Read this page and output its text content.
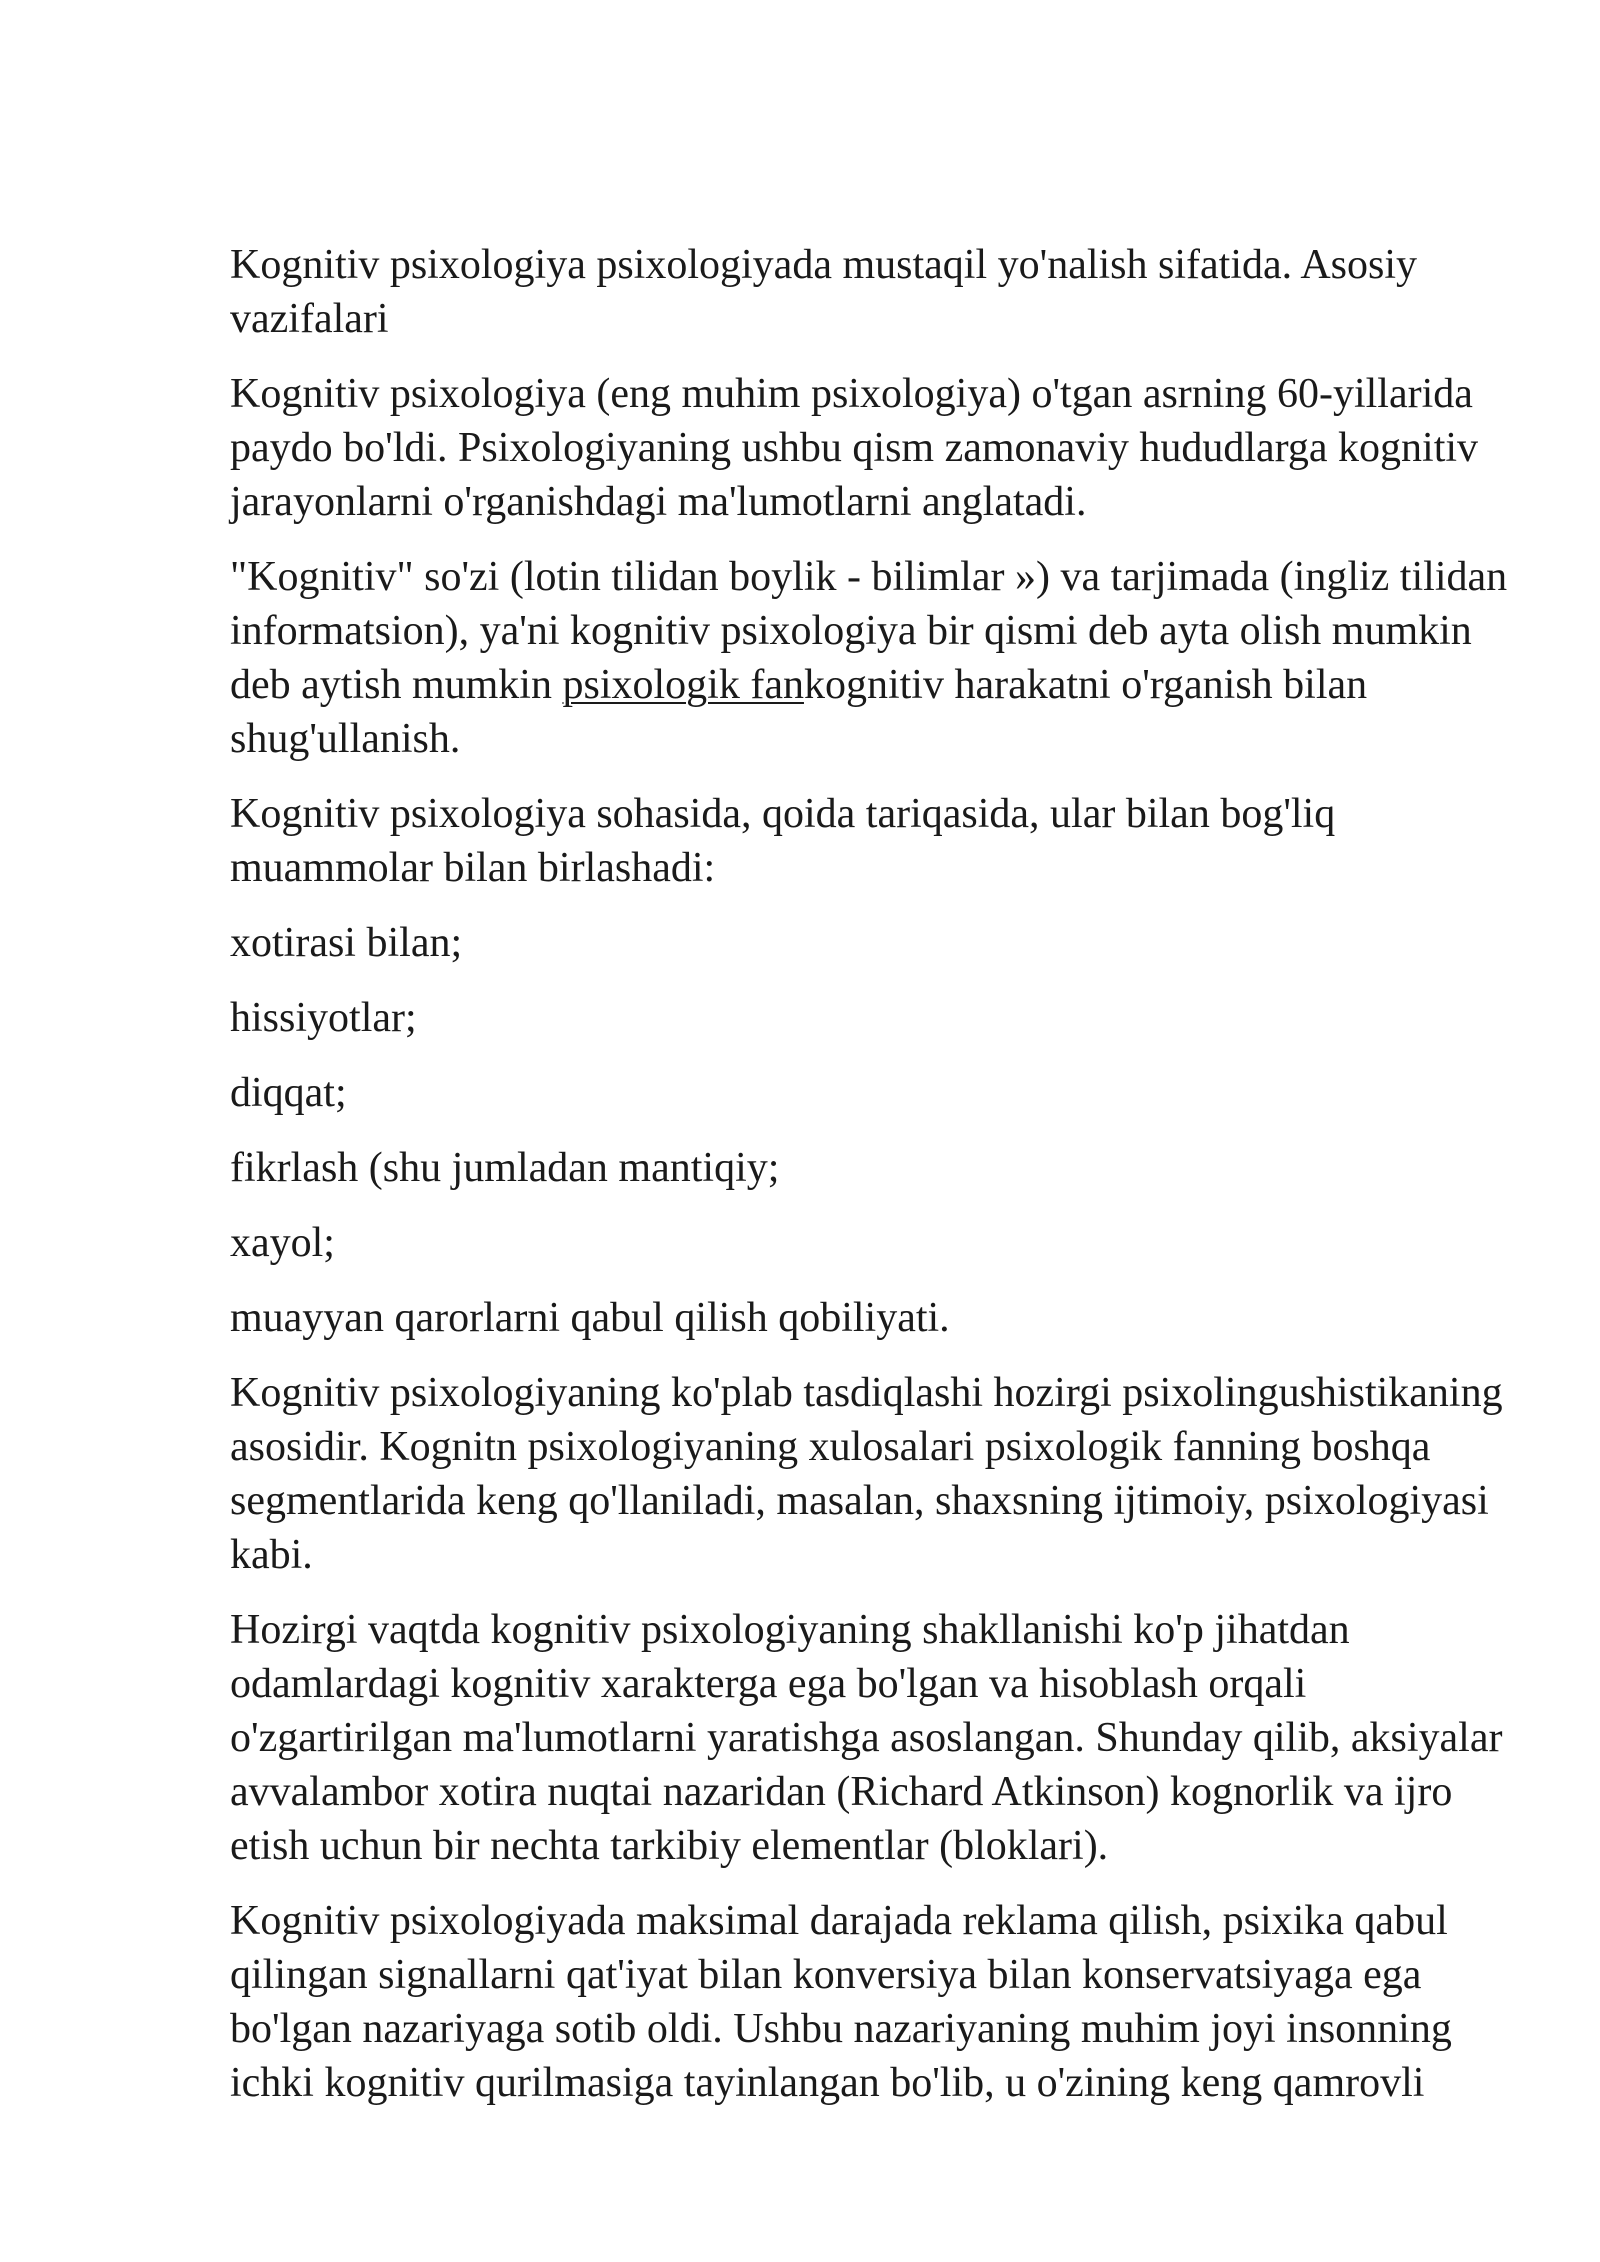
Kognitiv psixologiya psixologiyada mustaqil yo'nalish sifatida. Asosiy vazifalari

Kognitiv psixologiya (eng muhim psixologiya) o'tgan asrning 60-yillarida paydo bo'ldi. Psixologiyaning ushbu qism zamonaviy hududlarga kognitiv jarayonlarni o'rganishdagi ma'lumotlarni anglatadi.

"Kognitiv" so'zi (lotin tilidan boylik - bilimlar ») va tarjimada (ingliz tilidan informatsion), ya'ni kognitiv psixologiya bir qismi deb ayta olish mumkin deb aytish mumkin psixologik fankognitiv harakatni o'rganish bilan shug'ullanish.

Kognitiv psixologiya sohasida, qoida tariqasida, ular bilan bog'liq muammolar bilan birlashadi:

xotirasi bilan;

hissiyotlar;

diqqat;

fikrlash (shu jumladan mantiqiy;

xayol;

muayyan qarorlarni qabul qilish qobiliyati.

Kognitiv psixologiyaning ko'plab tasdiqlashi hozirgi psixolingushistikaning asosidir. Kognitn psixologiyaning xulosalari psixologik fanning boshqa segmentlarida keng qo'llaniladi, masalan, shaxsning ijtimoiy, psixologiyasi kabi.

Hozirgi vaqtda kognitiv psixologiyaning shakllanishi ko'p jihatdan odamlardagi kognitiv xarakterga ega bo'lgan va hisoblash orqali o'zgartirilgan ma'lumotlarni yaratishga asoslangan. Shunday qilib, aksiyalar avvalambor xotira nuqtai nazaridan (Richard Atkinson) kognorlik va ijro etish uchun bir nechta tarkibiy elementlar (bloklari).

Kognitiv psixologiyada maksimal darajada reklama qilish, psixika qabul qilingan signallarni qat'iyat bilan konversiya bilan konservatsiyaga ega bo'lgan nazariyaga sotib oldi. Ushbu nazariyaning muhim joyi insonning ichki kognitiv qurilmasiga tayinlangan bo'lib, u o'zining keng qamrovli
